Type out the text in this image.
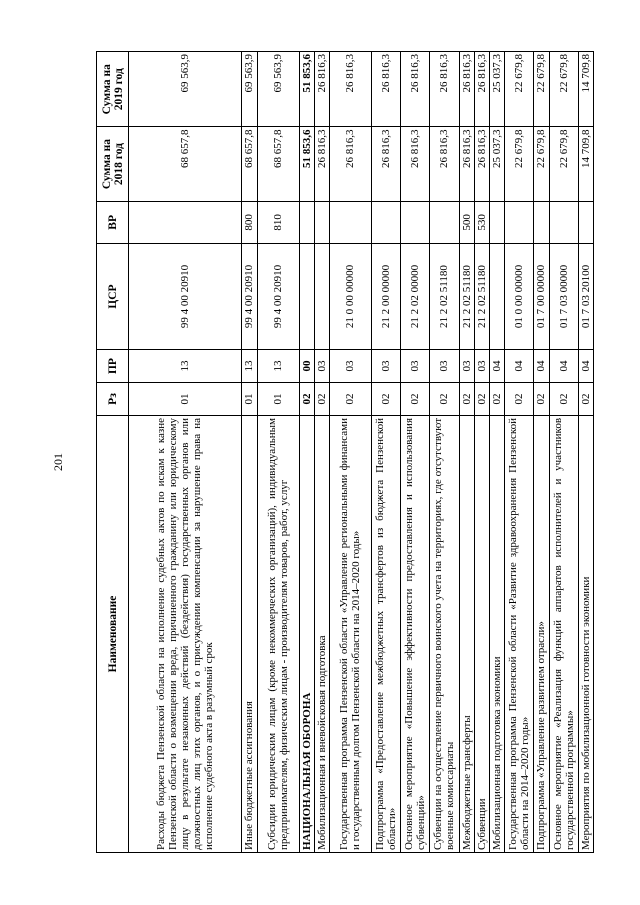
201
Наименование	Рз	ПР	ЦСР	ВР	Сумма на 2018 год	Сумма на 2019 год
Расходы бюджета Пензенской области на исполнение судебных актов по искам к казне Пензенской области о возмещении вреда, причиненного гражданину или юридическому лицу в результате незаконных действий (бездействия) государственных органов или должностных лиц этих органов, и о присуждении компенсации за нарушение права на исполнение судебного акта в разумный срок	01	13	99 4 00 20910		68 657,8	69 563,9
Иные бюджетные ассигнования	01	13	99 4 00 20910	800	68 657,8	69 563,9
Субсидии юридическим лицам (кроме некоммерческих организаций), индивидуальным предпринимателям, физическим лицам - производителям товаров, работ, услуг	01	13	99 4 00 20910	810	68 657,8	69 563,9
НАЦИОНАЛЬНАЯ ОБОРОНА	02	00			51 853,6	51 853,6
Мобилизационная и вневойсковая подготовка	02	03			26 816,3	26 816,3
Государственная программа Пензенской области «Управление региональными финансами и государственным долгом Пензенской области на 2014–2020 годы»	02	03	21 0 00 00000		26 816,3	26 816,3
Подпрограмма «Предоставление межбюджетных трансфертов из бюджета Пензенской области»	02	03	21 2 00 00000		26 816,3	26 816,3
Основное мероприятие «Повышение эффективности предоставления и использования субвенций»	02	03	21 2 02 00000		26 816,3	26 816,3
Субвенции на осуществление первичного воинского учета на территориях, где отсутствуют военные комиссариаты	02	03	21 2 02 51180		26 816,3	26 816,3
Межбюджетные трансферты	02	03	21 2 02 51180	500	26 816,3	26 816,3
Субвенции	02	03	21 2 02 51180	530	26 816,3	26 816,3
Мобилизационная подготовка экономики	02	04			25 037,3	25 037,3
Государственная программа Пензенской области «Развитие здравоохранения Пензенской области на 2014–2020 годы»	02	04	01 0 00 00000		22 679,8	22 679,8
Подпрограмма «Управление развитием отрасли»	02	04	01 7 00 00000		22 679,8	22 679,8
Основное мероприятие «Реализация функций аппаратов исполнителей и участников государственной программы»	02	04	01 7 03 00000		22 679,8	22 679,8
Мероприятия по мобилизационной готовности экономики	02	04	01 7 03 20100		14 709,8	14 709,8
